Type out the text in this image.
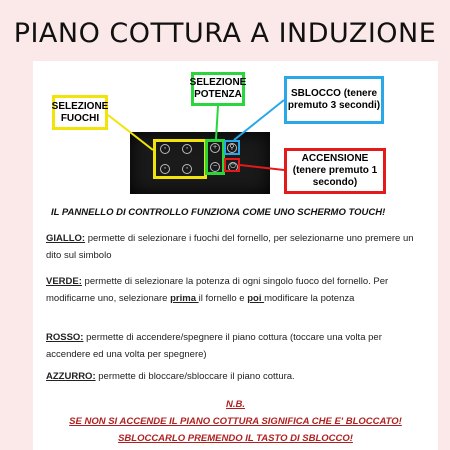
PIANO COTTURA A INDUZIONE
◦	◦
◦	◦
+
−
⚲
⏻
SELEZIONE FUOCHI
SELEZIONE POTENZA	SBLOCCO (tenere premuto 3 secondi)
ACCENSIONE (tenere premuto 1 secondo)
IL PANNELLO DI CONTROLLO FUNZIONA COME UNO SCHERMO TOUCH!
GIALLO: permette di selezionare i fuochi del fornello, per selezionarne uno premere un dito sul simbolo
VERDE: permette di selezionare la potenza di ogni singolo fuoco del fornello. Per modificarne uno, selezionare prima il fornello e poi modificare la potenza
ROSSO: permette di accendere/spegnere il piano cottura (toccare una volta per accendere ed una volta per spegnere)
AZZURRO: permette di bloccare/sbloccare il piano cottura.
N.B.
SE NON SI ACCENDE IL PIANO COTTURA SIGNIFICA CHE E' BLOCCATO!
SBLOCCARLO PREMENDO IL TASTO DI SBLOCCO!
